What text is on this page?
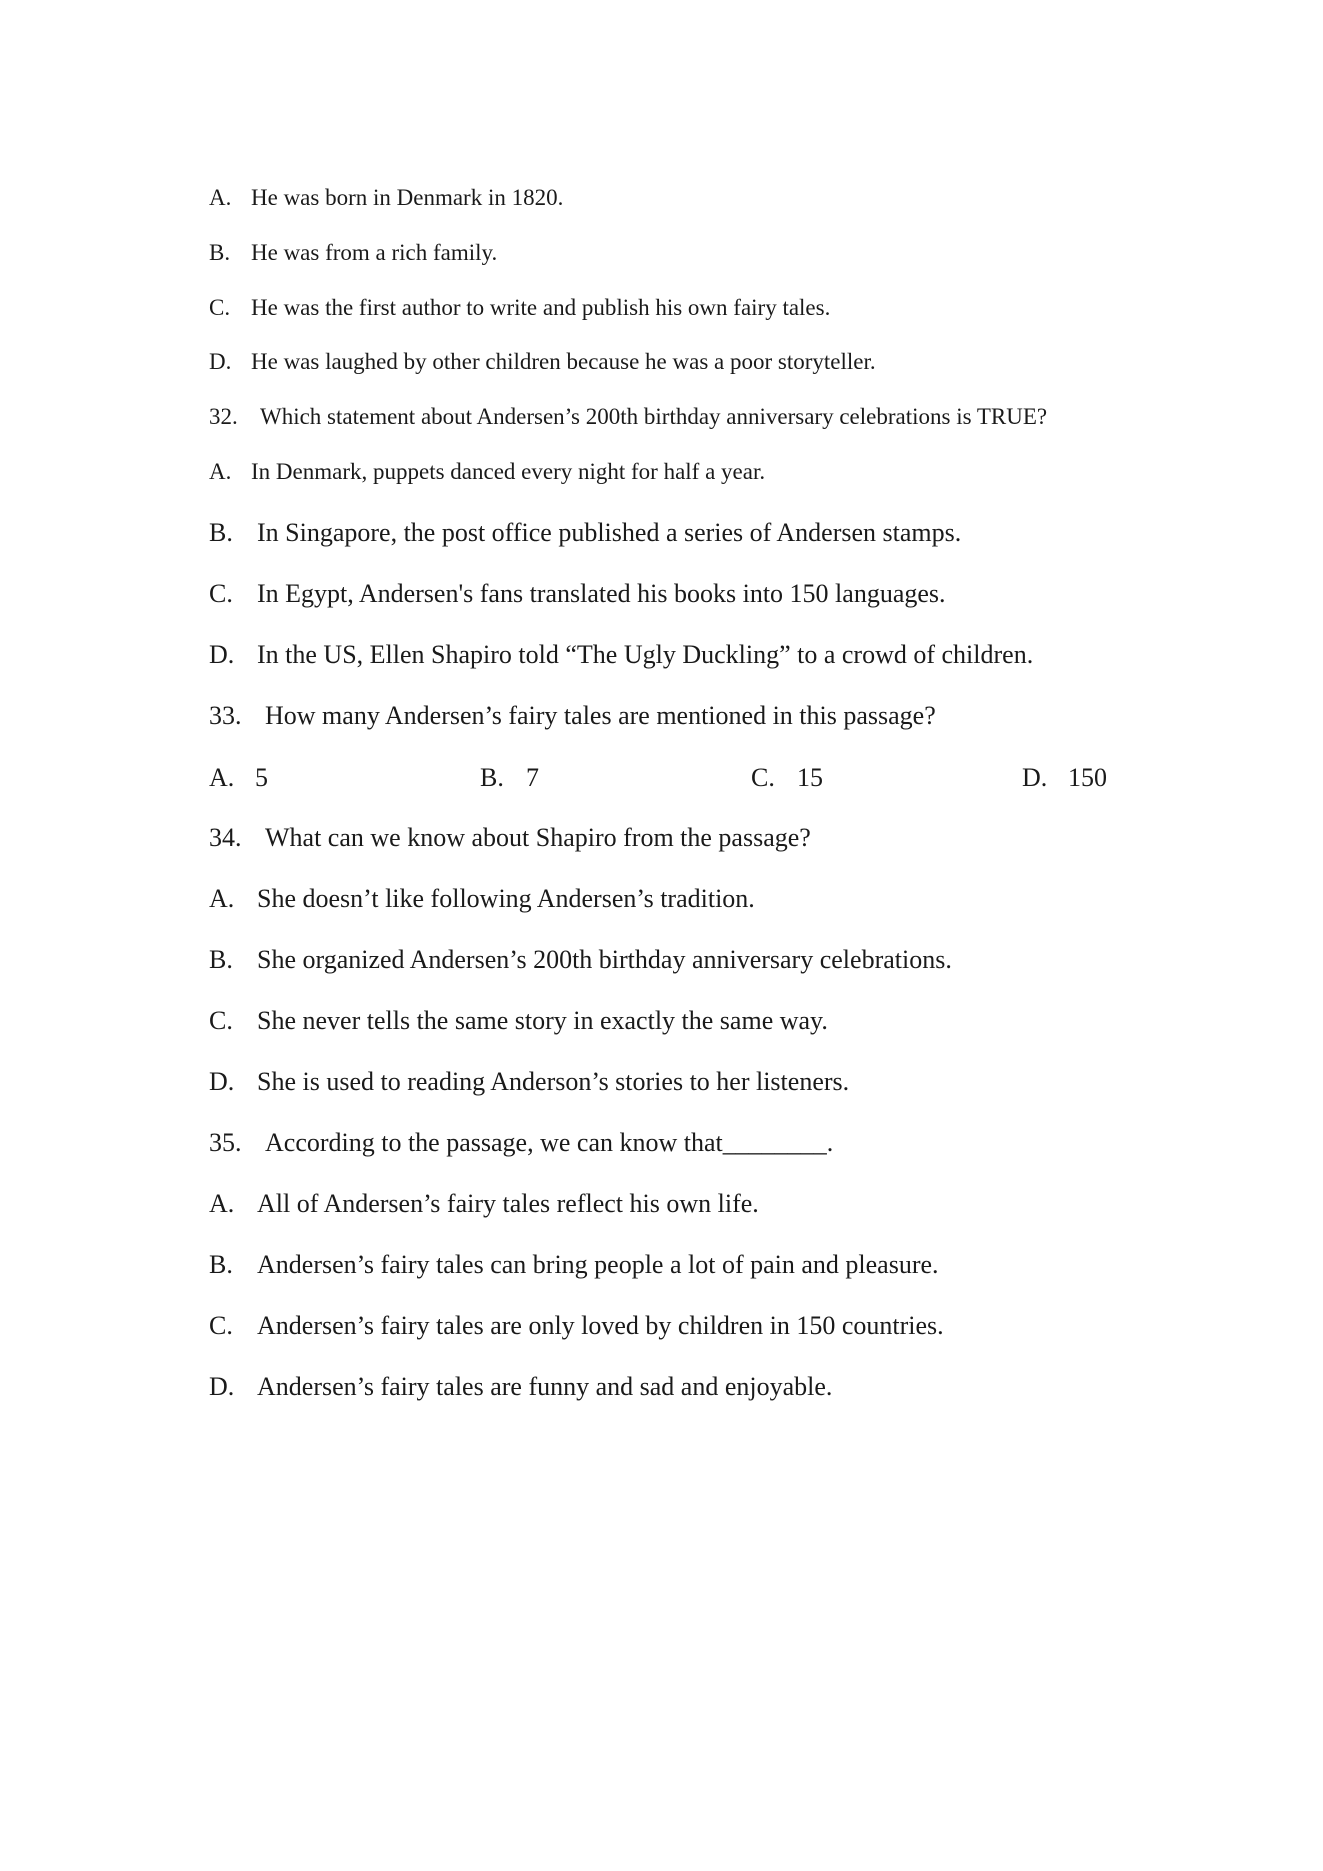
A. He was born in Denmark in 1820.
B. He was from a rich family.
C. He was the first author to write and publish his own fairy tales.
D. He was laughed by other children because he was a poor storyteller.
32. Which statement about Andersen’s 200th birthday anniversary celebrations is TRUE?
A. In Denmark, puppets danced every night for half a year.
B. In Singapore, the post office published a series of Andersen stamps.
C. In Egypt, Andersen's fans translated his books into 150 languages.
D. In the US, Ellen Shapiro told “The Ugly Duckling” to a crowd of children.
33. How many Andersen’s fairy tales are mentioned in this passage?
A. 5	B. 7	C. 15	D. 150
34. What can we know about Shapiro from the passage?
A. She doesn’t like following Andersen’s tradition.
B. She organized Andersen’s 200th birthday anniversary celebrations.
C. She never tells the same story in exactly the same way.
D. She is used to reading Anderson’s stories to her listeners.
35. According to the passage, we can know that________.
A. All of Andersen’s fairy tales reflect his own life.
B. Andersen’s fairy tales can bring people a lot of pain and pleasure.
C. Andersen’s fairy tales are only loved by children in 150 countries.
D. Andersen’s fairy tales are funny and sad and enjoyable.
